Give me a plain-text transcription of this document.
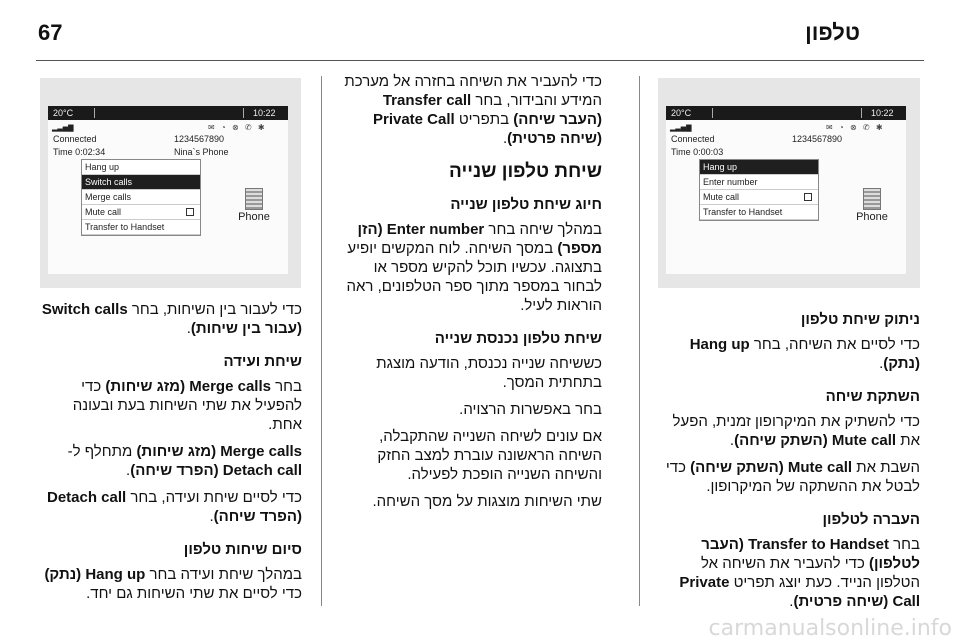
67	טלפון
20°C	10:22
▂▃▅▇	✉ ◔ ⊗ ✆ ✱
Connected
Time 0:02:34
1234567890
Nina`s Phone
Hang up
Switch calls
Merge calls
Mute call
Transfer to Handset
Phone
20°C	10:22
▂▃▅▇	✉ ◔ ⊗ ✆ ✱
Connected
Time 0:00:03
1234567890
Hang up
Enter number
Mute call
Transfer to Handset	Phone

כדי לעבור בין השיחות, בחר Switch calls (עבור בין שיחות).

שיחת ועידה

בחר Merge calls (מזג שיחות) כדי להפעיל את שתי השיחות בעת ובעונה אחת.

Merge calls (מזג שיחות) מתחלף ל-Detach call (הפרד שיחה).

כדי לסיים שיחת ועידה, בחר Detach call (הפרד שיחה).

סיום שיחות טלפון

במהלך שיחת ועידה בחר Hang up (נתק) כדי לסיים את שתי השיחות גם יחד.

כדי להעביר את השיחה בחזרה אל מערכת המידע והבידור, בחר Transfer call (העבר שיחה) בתפריט Private Call (שיחה פרטית).

שיחת טלפון שנייה
חיוג שיחת טלפון שנייה

במהלך שיחה בחר Enter number (הזן מספר) במסך השיחה. לוח המקשים יופיע בתצוגה. עכשיו תוכל להקיש מספר או לבחור במספר מתוך ספר הטלפונים, ראה הוראות לעיל.

שיחת טלפון נכנסת שנייה

כששיחה שנייה נכנסת, הודעה מוצגת בתחתית המסך.

בחר באפשרות הרצויה.

אם עונים לשיחה השנייה שהתקבלה, השיחה הראשונה עוברת למצב החזק והשיחה השנייה הופכת לפעילה.

שתי השיחות מוצגות על מסך השיחה.

ניתוק שיחת טלפון

כדי לסיים את השיחה, בחר Hang up (נתק).

השתקת שיחה

כדי להשתיק את המיקרופון זמנית, הפעל את Mute call (השתק שיחה).

השבת את Mute call (השתק שיחה) כדי לבטל את ההשתקה של המיקרופון.

העברה לטלפון

בחר Transfer to Handset (העבר לטלפון) כדי להעביר את השיחה אל הטלפון הנייד. כעת יוצג תפריט Private Call (שיחה פרטית).

carmanualsonline.info
